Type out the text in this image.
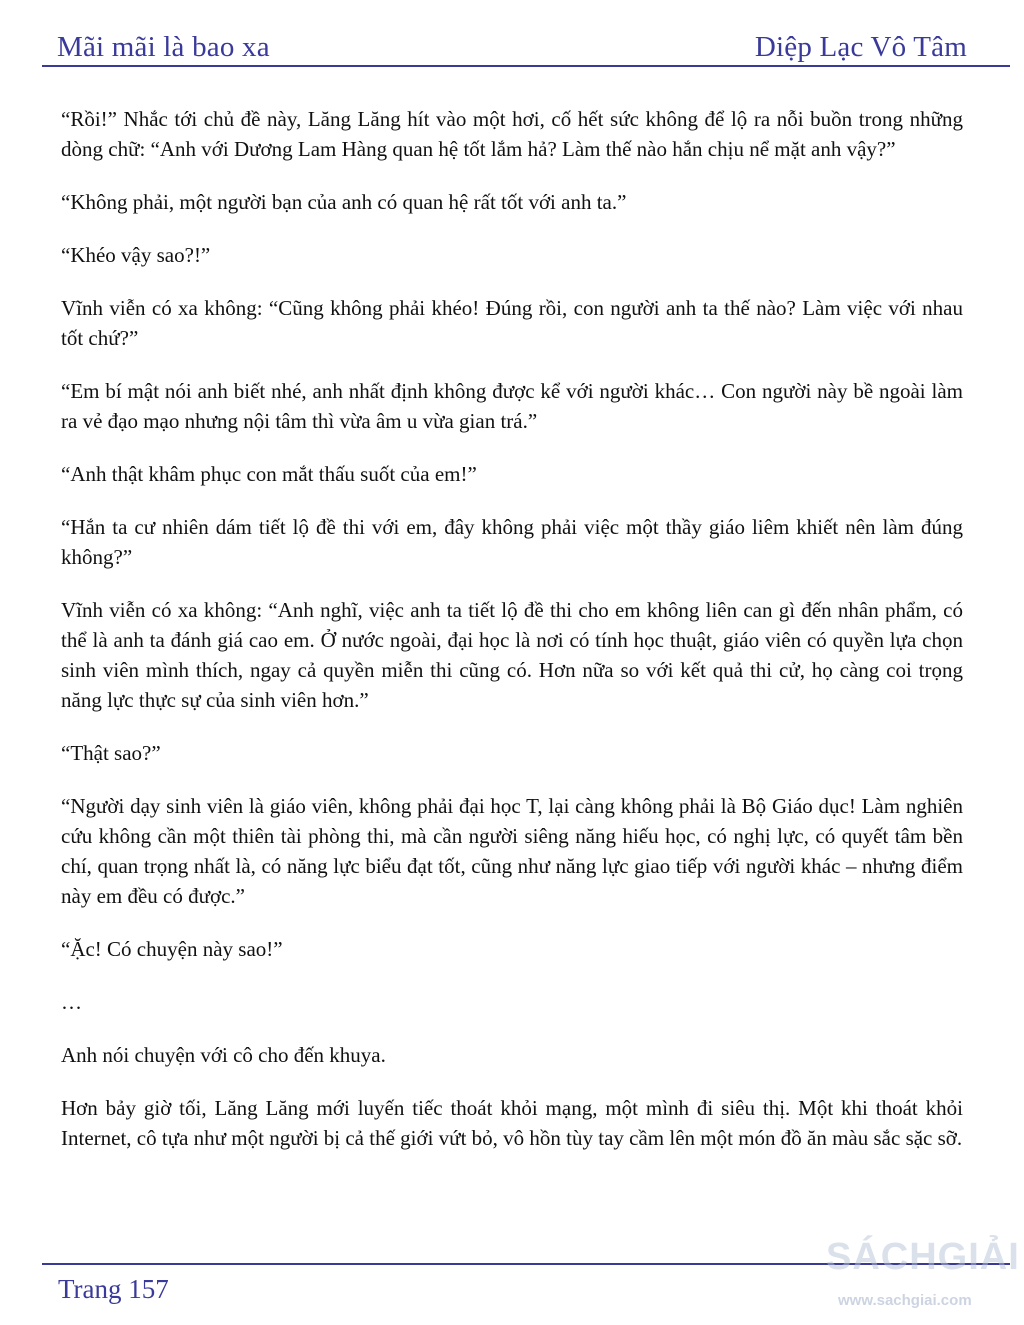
Mãi mãi là bao xa	Diệp Lạc Vô Tâm

“Rồi!” Nhắc tới chủ đề này, Lăng Lăng hít vào một hơi, cố hết sức không để lộ ra nỗi buồn trong những dòng chữ: “Anh với Dương Lam Hàng quan hệ tốt lắm hả? Làm thế nào hắn chịu nể mặt anh vậy?”

“Không phải, một người bạn của anh có quan hệ rất tốt với anh ta.”

“Khéo vậy sao?!”

Vĩnh viễn có xa không: “Cũng không phải khéo! Đúng rồi, con người anh ta thế nào? Làm việc với nhau tốt chứ?”

“Em bí mật nói anh biết nhé, anh nhất định không được kể với người khác… Con người này bề ngoài làm ra vẻ đạo mạo nhưng nội tâm thì vừa âm u vừa gian trá.”

“Anh thật khâm phục con mắt thấu suốt của em!”

“Hắn ta cư nhiên dám tiết lộ đề thi với em, đây không phải việc một thầy giáo liêm khiết nên làm đúng không?”

Vĩnh viễn có xa không: “Anh nghĩ, việc anh ta tiết lộ đề thi cho em không liên can gì đến nhân phẩm, có thể là anh ta đánh giá cao em. Ở nước ngoài, đại học là nơi có tính học thuật, giáo viên có quyền lựa chọn sinh viên mình thích, ngay cả quyền miễn thi cũng có. Hơn nữa so với kết quả thi cử, họ càng coi trọng năng lực thực sự của sinh viên hơn.”

“Thật sao?”

“Người dạy sinh viên là giáo viên, không phải đại học T, lại càng không phải là Bộ Giáo dục! Làm nghiên cứu không cần một thiên tài phòng thi, mà cần người siêng năng hiếu học, có nghị lực, có quyết tâm bền chí, quan trọng nhất là, có năng lực biểu đạt tốt, cũng như năng lực giao tiếp với người khác – nhưng điểm này em đều có được.”

“Ặc! Có chuyện này sao!”

…

Anh nói chuyện với cô cho đến khuya.

Hơn bảy giờ tối, Lăng Lăng mới luyến tiếc thoát khỏi mạng, một mình đi siêu thị. Một khi thoát khỏi Internet, cô tựa như một người bị cả thế giới vứt bỏ, vô hồn tùy tay cầm lên một món đồ ăn màu sắc sặc sỡ.

Trang 157
SÁCHGIẢI
www.sachgiai.com
